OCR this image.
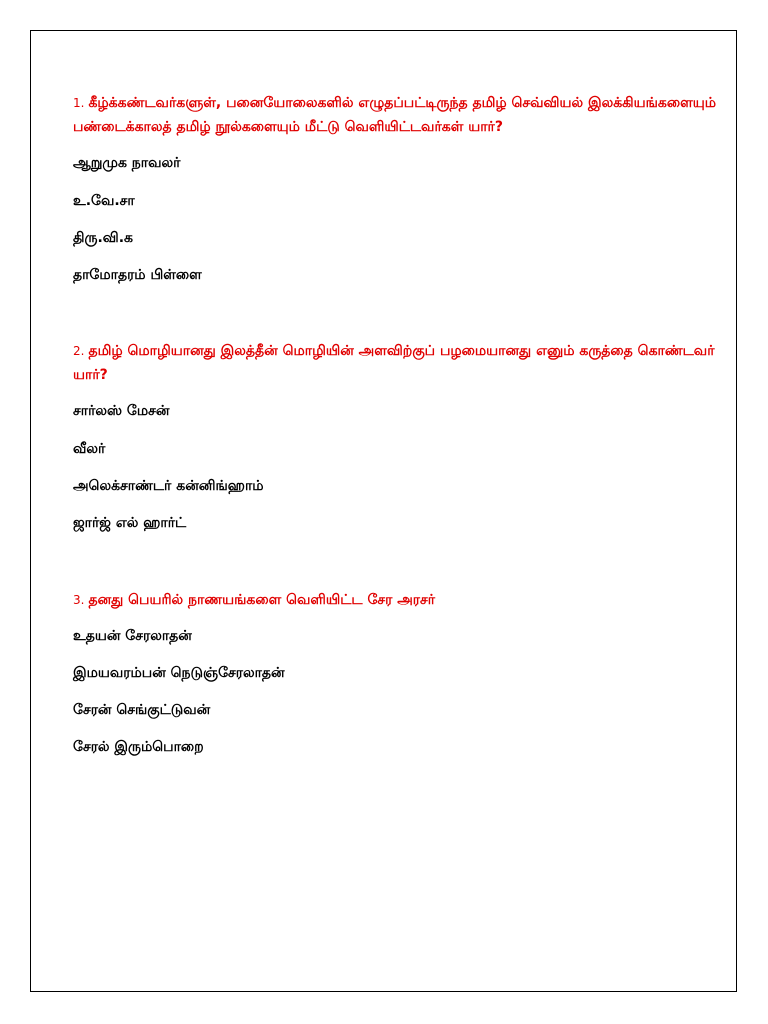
1. கீழ்க்கண்டவர்களுள், பனையோலைகளில் எழுதப்பட்டிருந்த தமிழ் செவ்வியல் இலக்கியங்களையும் பண்டைக்காலத் தமிழ் நூல்களையும் மீட்டு வெளியிட்டவர்கள் யார்?

ஆறுமுக நாவலர்

உ.வே.சா

திரு.வி.க

தாமோதரம் பிள்ளை

2. தமிழ் மொழியானது இலத்தீன் மொழியின் அளவிற்குப் பழமையானது எனும் கருத்தை கொண்டவர் யார்?

சார்லஸ் மேசன்

வீலர்

அலெக்சாண்டர் கன்னிங்ஹாம்

ஜார்ஜ் எல் ஹார்ட்

3. தனது பெயரில் நாணயங்களை வெளியிட்ட சேர அரசர்

உதயன் சேரலாதன்

இமயவரம்பன் நெடுஞ்சேரலாதன்

சேரன் செங்குட்டுவன்

சேரல் இரும்பொறை
